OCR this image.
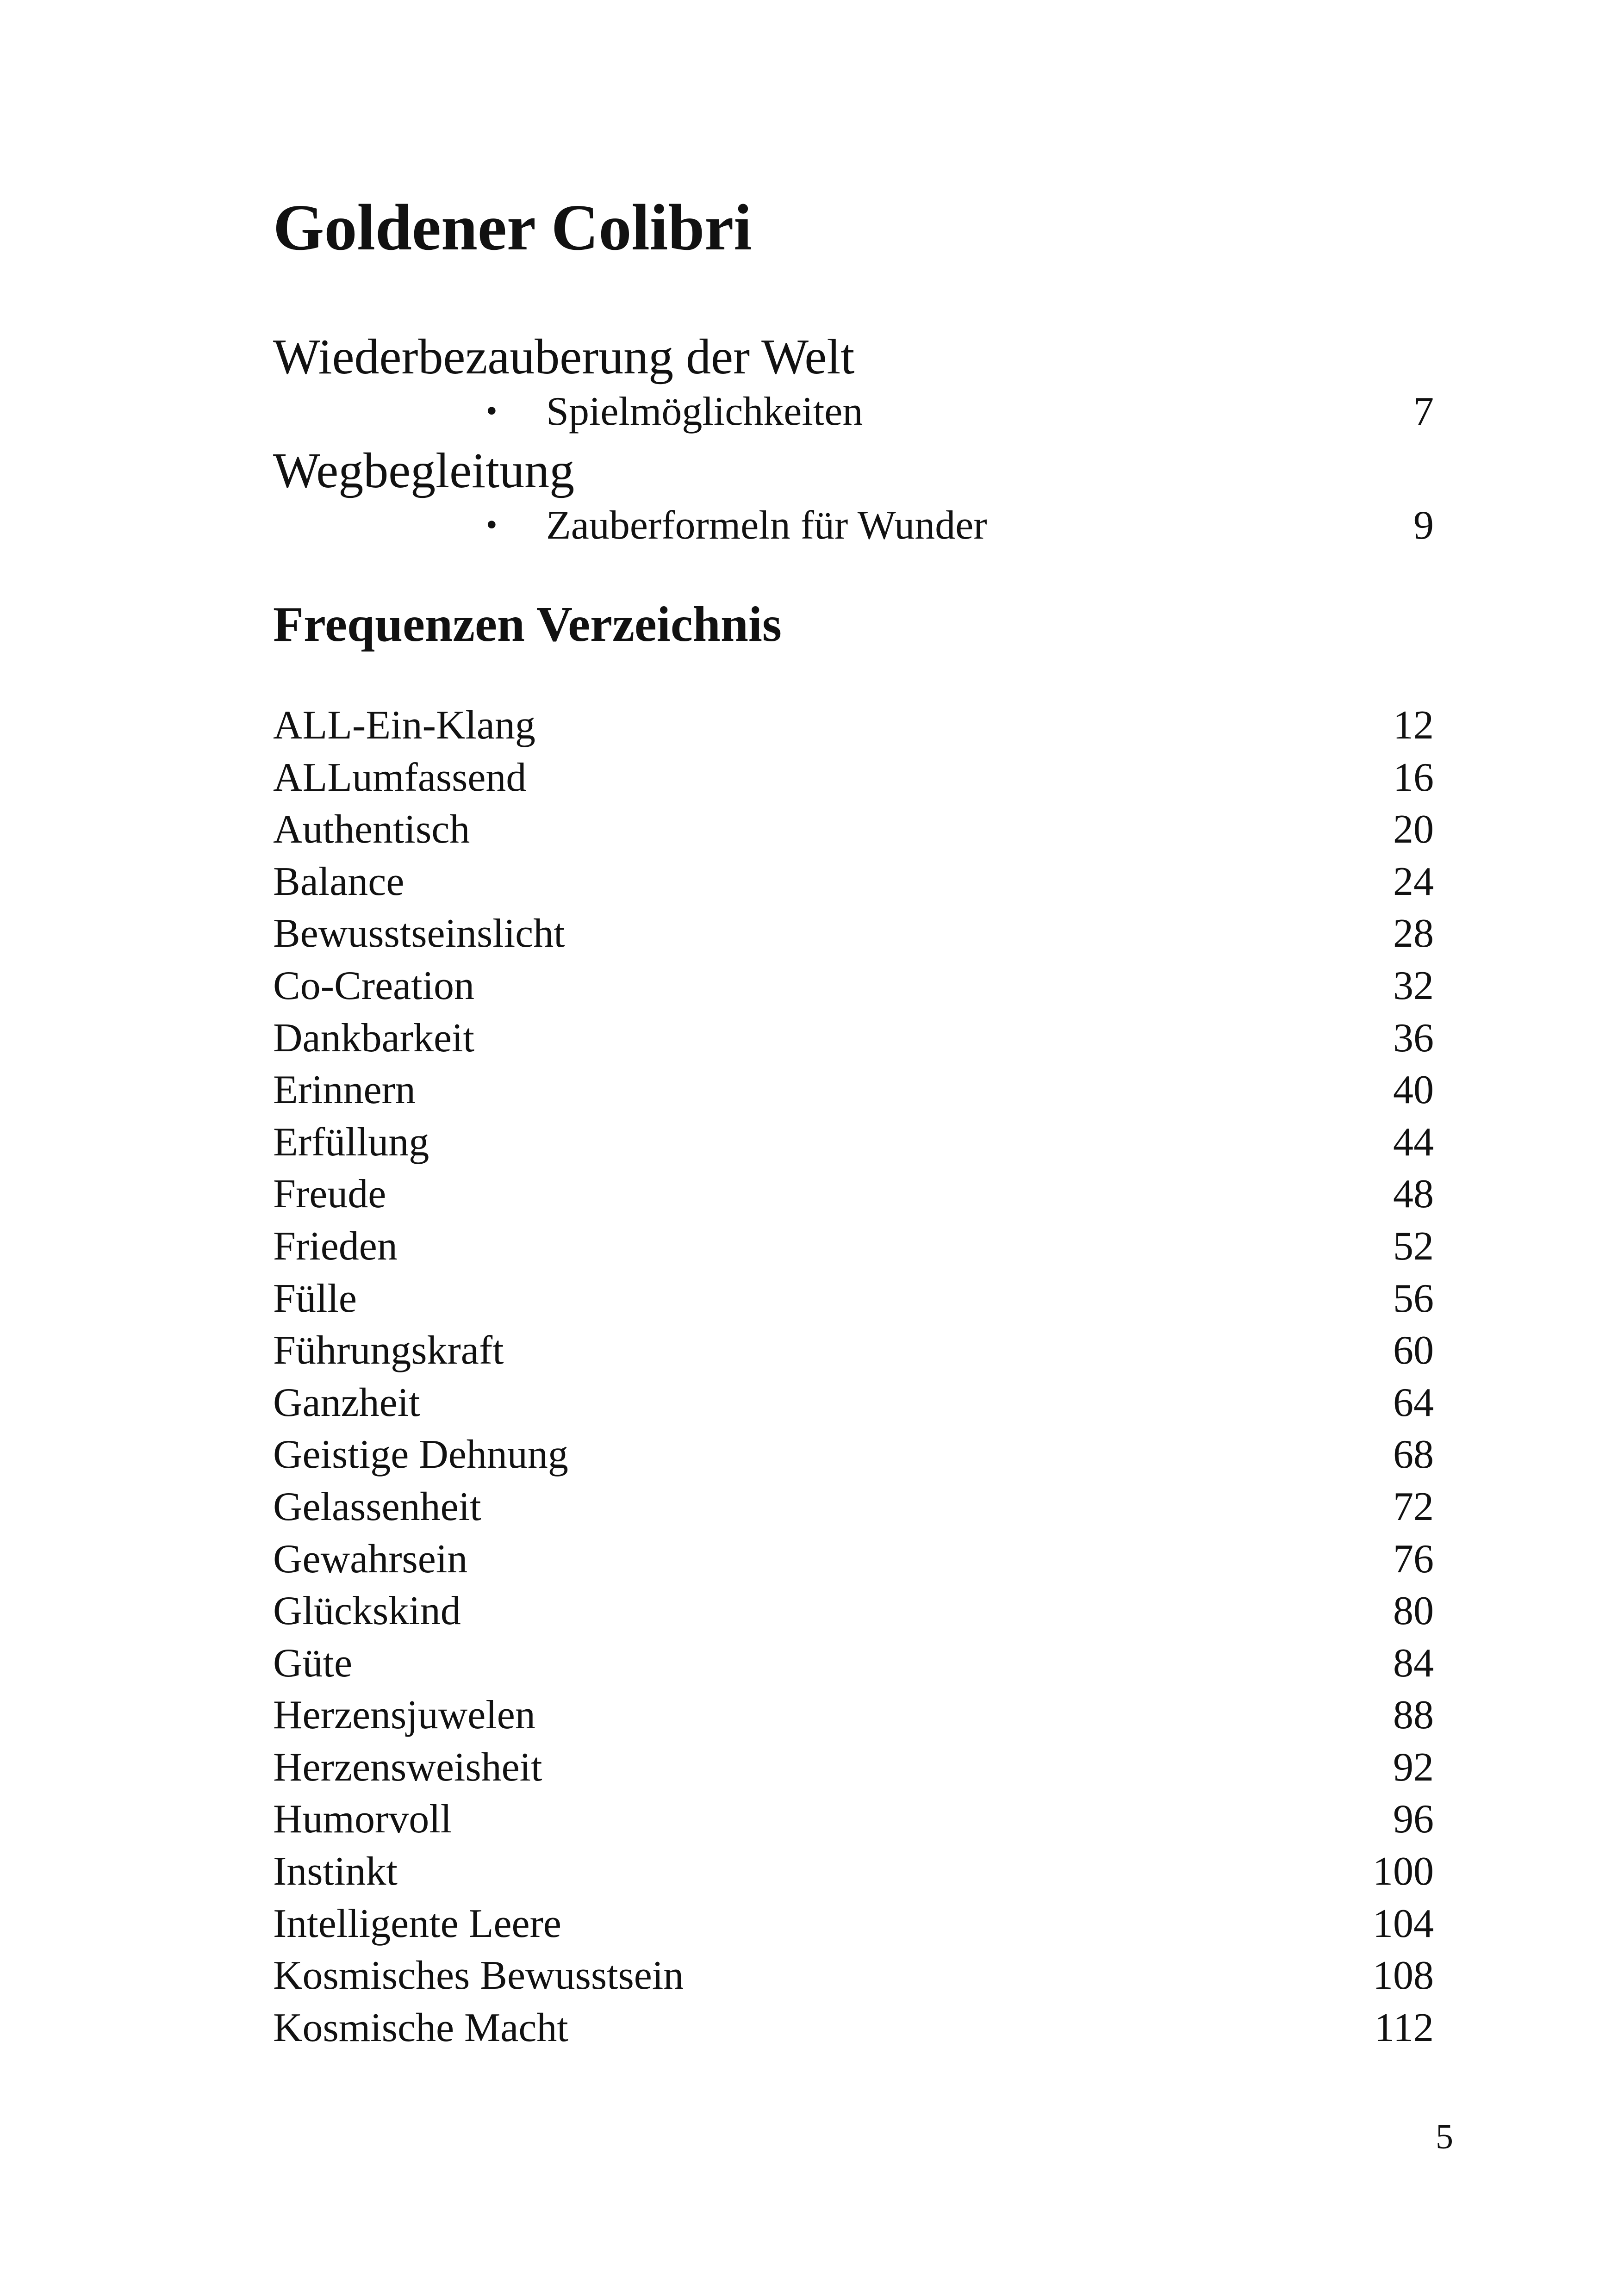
Goldener Colibri
Wiederbezauberung der Welt
• Spielmöglichkeiten	7
Wegbegleitung
• Zauberformeln für Wunder	9
Frequenzen Verzeichnis
ALL-Ein-Klang	12
ALLumfassend	16
Authentisch	20
Balance	24
Bewusstseinslicht	28
Co-Creation	32
Dankbarkeit	36
Erinnern	40
Erfüllung	44
Freude	48
Frieden	52
Fülle	56
Führungskraft	60
Ganzheit	64
Geistige Dehnung	68
Gelassenheit	72
Gewahrsein	76
Glückskind	80
Güte	84
Herzensjuwelen	88
Herzensweisheit	92
Humorvoll	96
Instinkt	100
Intelligente Leere	104
Kosmisches Bewusstsein	108
Kosmische Macht	112
5
